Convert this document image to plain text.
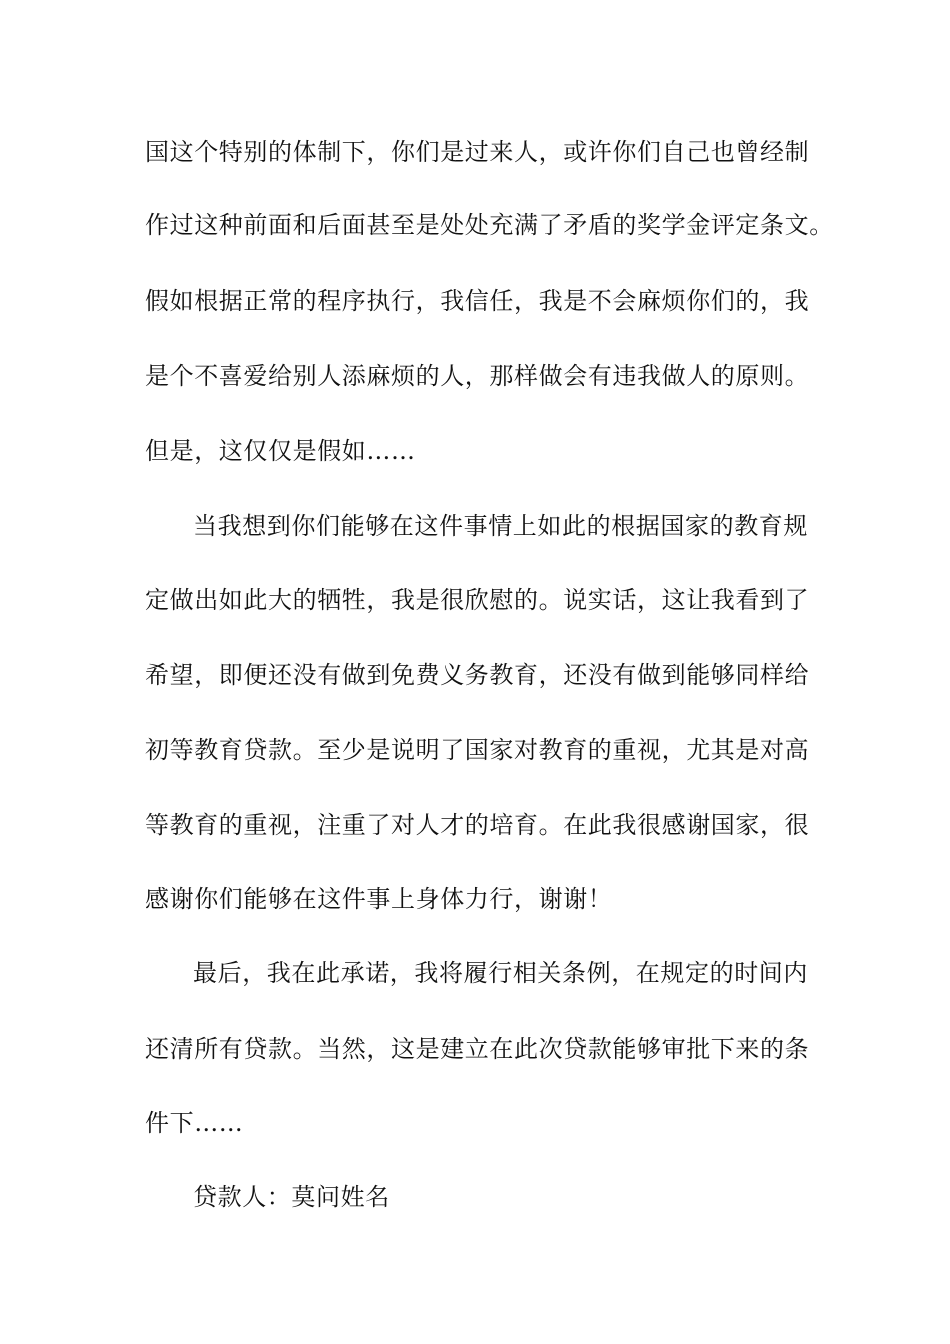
国这个特别的体制下，你们是过来人，或许你们自己也曾经制
作过这种前面和后面甚至是处处充满了矛盾的奖学金评定条文。
假如根据正常的程序执行，我信任，我是不会麻烦你们的，我
是个不喜爱给别人添麻烦的人，那样做会有违我做人的原则。
但是，这仅仅是假如……
当我想到你们能够在这件事情上如此的根据国家的教育规
定做出如此大的牺牲，我是很欣慰的。说实话，这让我看到了
希望，即便还没有做到免费义务教育，还没有做到能够同样给
初等教育贷款。至少是说明了国家对教育的重视，尤其是对高
等教育的重视，注重了对人才的培育。在此我很感谢国家，很
感谢你们能够在这件事上身体力行，谢谢！
最后，我在此承诺，我将履行相关条例，在规定的时间内
还清所有贷款。当然，这是建立在此次贷款能够审批下来的条
件下……
贷款人：莫问姓名
